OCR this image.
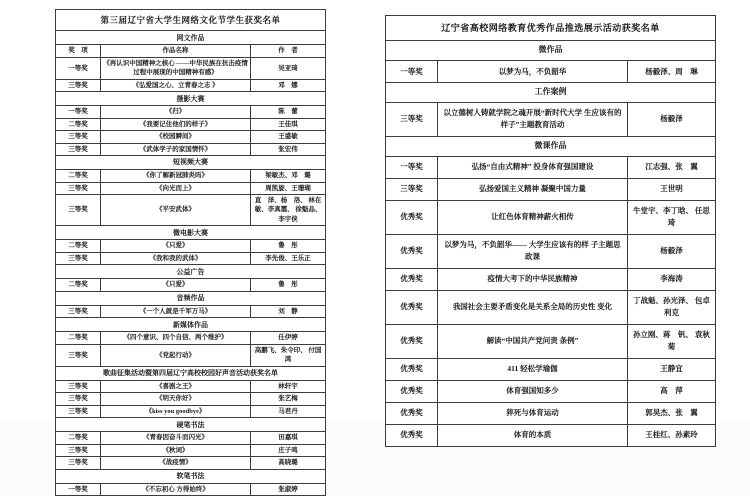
第三届辽宁省大学生网络文化节学生获奖名单		
网文作品		
奖　项	作品名称	作　者
一等奖	《再认识中国精神之核心 ——中华民族在抗击疫情 过程中展现的中国精神有感》	吴亚琦
三等奖	《弘爱国之心、立青春之志 》	邓　娜
摄影大赛		
一等奖	《归》	陈　蕾
二等奖	《我要记住他们的样子》	王佳琪
三等奖	《校园瞬间》	王盛敏
三等奖	《武体学子的家国情怀》	张宏伟
短视频大赛		
二等奖	《你了解新冠肺炎吗》	梁敏杰、邓　璐
三等奖	《向光而上》	周凯旋、王珊瑚
三等奖	《平安武体》	直　泽、杨　洛、 林在敏、李真霞、 徐魁品、李宇侠
微电影大赛		
二等奖	《只爱》	鲁　彤
三等奖	《我和我的武体》	李先俊、王乐正
公益广告		
二等奖	《只爱》	鲁　彤
音频作品		
三等奖	《一个人就是千军万马》	刘　静
新媒体作品		
二等奖	《四个意识、四个自信、两个维护》	任伊婷
三等奖	《党起行动》	高鹏飞、朱令印、 付国鸿
歌曲征集活动暨第四届辽宁高校校园好声音活动获奖名单		
三等奖	《喜剧之王》	林轩宇
三等奖	《明天你好》	张艺梅
三等奖	《kiss you goodbye》	马君丹
硬笔书法		
二等奖	《青春因奋斗而闪光》	田嘉琪
三等奖	《秋词》	庄子鸣
三等奖	《战疫情》	高晓璐
软笔书法		
一等奖	《不忘初心 方得始终》	张淑婷
辽宁省高校网络教育优秀作品推选展示活动获奖名单		
微作品		
一等奖	以梦为马，不负韶华	杨毅泽、周　琳
工作案例		
三等奖	以立德树人铸就学院之魂开展“新时代大学 生应该有的样子”主题教育活动	杨毅泽
微课作品		
一等奖	弘扬“自由式精神” 投身体育强国建设	江志强、张　翼
三等奖	弘扬爱国主义精神 凝聚中国力量	王世明
优秀奖	让红色体育精神薪火相传	牛堂宇、李丁晗、 任思琦
优秀奖	以梦为马，不负韶华—— 大学生应该有的样 子主题思政课	杨毅泽
优秀奖	疫情大考下的中华民族精神	李海涛
优秀奖	我国社会主要矛盾变化是关系全局的历史性 变化	丁战魁、孙光泽、 包卓利克
优秀奖	解读“中国共产党问责 条例”	孙立刚、蒋　钒、 袁秋菊
优秀奖	411 轻松学瑜伽	王静宜
优秀奖	体育强国知多少	高　萍
优秀奖	猝死与体育运动	郭昊杰、张　翼
优秀奖	体育的本质	王桂红、孙素玲
